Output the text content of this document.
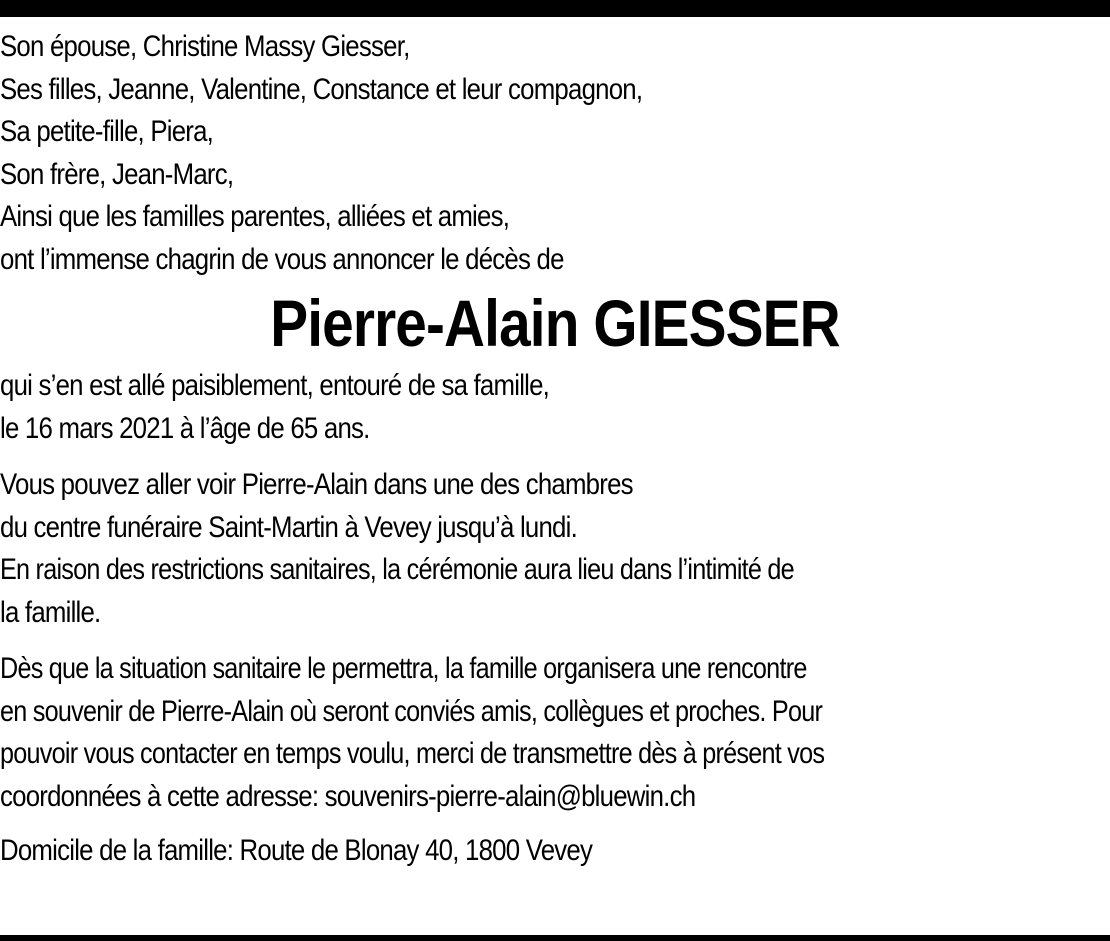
Son épouse, Christine Massy Giesser,
Ses filles, Jeanne, Valentine, Constance et leur compagnon,
Sa petite-fille, Piera,
Son frère, Jean-Marc,
Ainsi que les familles parentes, alliées et amies,
ont l’immense chagrin de vous annoncer le décès de
Pierre-Alain GIESSER
qui s’en est allé paisiblement, entouré de sa famille,
le 16 mars 2021 à l’âge de 65 ans.
Vous pouvez aller voir Pierre-Alain dans une des chambres
du centre funéraire Saint-Martin à Vevey jusqu’à lundi.
En raison des restrictions sanitaires, la cérémonie aura lieu dans l’intimité de
la famille.
Dès que la situation sanitaire le permettra, la famille organisera une rencontre
en souvenir de Pierre-Alain où seront conviés amis, collègues et proches. Pour
pouvoir vous contacter en temps voulu, merci de transmettre dès à présent vos
coordonnées à cette adresse: souvenirs-pierre-alain@bluewin.ch
Domicile de la famille: Route de Blonay 40, 1800 Vevey
